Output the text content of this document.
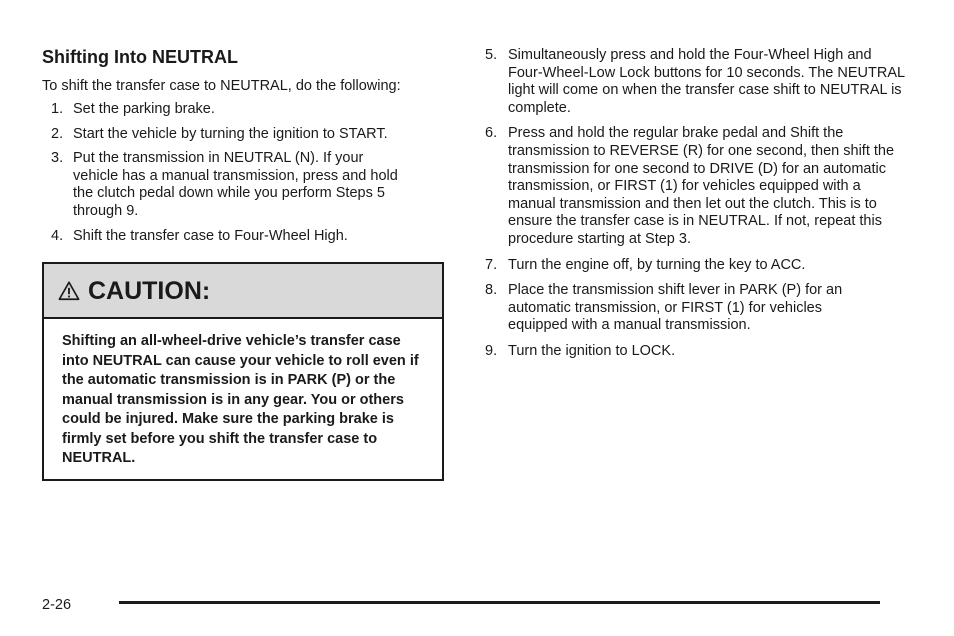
Shifting Into NEUTRAL

To shift the transfer case to NEUTRAL, do the following:

1. Set the parking brake.
2. Start the vehicle by turning the ignition to START.
3. Put the transmission in NEUTRAL (N). If your vehicle has a manual transmission, press and hold the clutch pedal down while you perform Steps 5 through 9.
4. Shift the transfer case to Four-Wheel High.
CAUTION:
Shifting an all-wheel-drive vehicle’s transfer case into NEUTRAL can cause your vehicle to roll even if the automatic transmission is in PARK (P) or the manual transmission is in any gear. You or others could be injured. Make sure the parking brake is firmly set before you shift the transfer case to NEUTRAL.
5. Simultaneously press and hold the Four-Wheel High and Four-Wheel-Low Lock buttons for 10 seconds. The NEUTRAL light will come on when the transfer case shift to NEUTRAL is complete.
6. Press and hold the regular brake pedal and Shift the transmission to REVERSE (R) for one second, then shift the transmission for one second to DRIVE (D) for an automatic transmission, or FIRST (1) for vehicles equipped with a manual transmission and then let out the clutch. This is to ensure the transfer case is in NEUTRAL. If not, repeat this procedure starting at Step 3.
7. Turn the engine off, by turning the key to ACC.
8. Place the transmission shift lever in PARK (P) for an automatic transmission, or FIRST (1) for vehicles equipped with a manual transmission.
9. Turn the ignition to LOCK.
2-26
